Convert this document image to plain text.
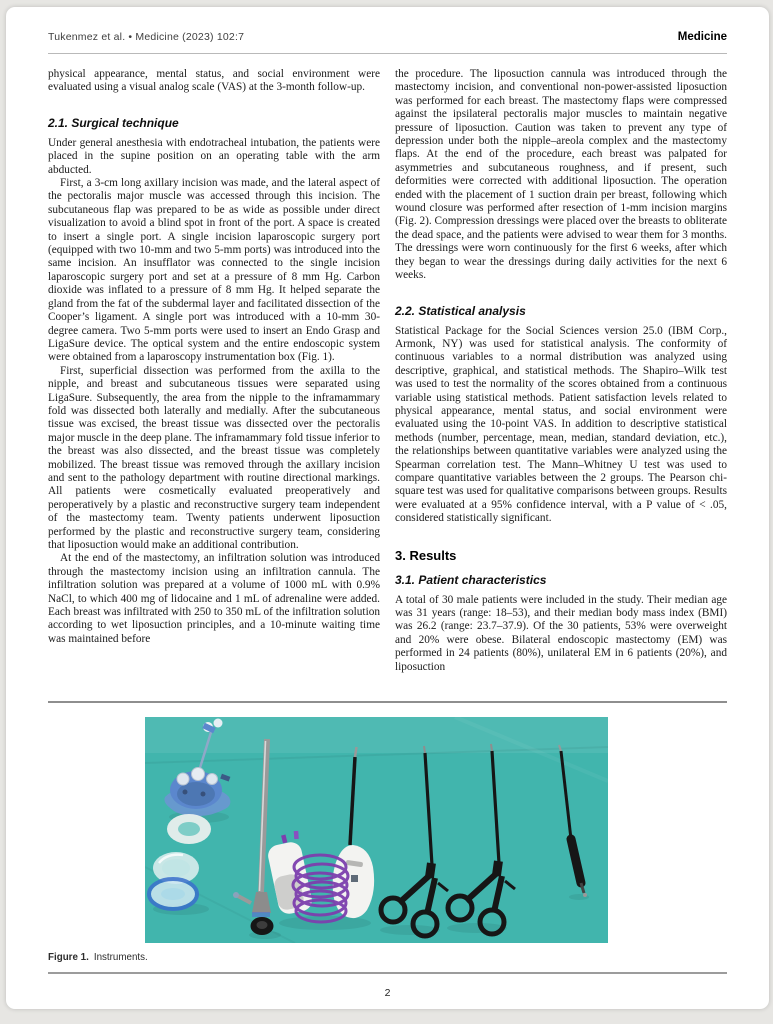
Tukenmez et al. • Medicine (2023) 102:7	Medicine

physical appearance, mental status, and social environment were evaluated using a visual analog scale (VAS) at the 3-month follow-up.

2.1. Surgical technique

Under general anesthesia with endotracheal intubation, the patients were placed in the supine position on an operating table with the arm abducted.

First, a 3-cm long axillary incision was made, and the lateral aspect of the pectoralis major muscle was accessed through this incision. The subcutaneous flap was prepared to be as wide as possible under direct visualization to avoid a blind spot in front of the port. A space is created to insert a single port. A single incision laparoscopic surgery port (equipped with two 10-mm and two 5-mm ports) was introduced into the same incision. An insufflator was connected to the single incision laparoscopic surgery port and set at a pressure of 8 mm Hg. Carbon dioxide was inflated to a pressure of 8 mm Hg. It helped separate the gland from the fat of the subdermal layer and facilitated dissection of the Cooper’s ligament. A single port was introduced with a 10-mm 30-degree camera. Two 5-mm ports were used to insert an Endo Grasp and LigaSure device. The optical system and the entire endoscopic system were obtained from a laparoscopy instrumentation box (Fig. 1).

First, superficial dissection was performed from the axilla to the nipple, and breast and subcutaneous tissues were separated using LigaSure. Subsequently, the area from the nipple to the inframammary fold was dissected both laterally and medially. After the subcutaneous tissue was excised, the breast tissue was dissected over the pectoralis major muscle in the deep plane. The inframammary fold tissue inferior to the breast was also dissected, and the breast tissue was completely mobilized. The breast tissue was removed through the axillary incision and sent to the pathology department with routine directional markings. All patients were cosmetically evaluated preoperatively and peroperatively by a plastic and reconstructive surgery team independent of the mastectomy team. Twenty patients underwent liposuction performed by the plastic and reconstructive surgery team, considering that liposuction would make an additional contribution.

At the end of the mastectomy, an infiltration solution was introduced through the mastectomy incision using an infiltration cannula. The infiltration solution was prepared at a volume of 1000 mL with 0.9% NaCl, to which 400 mg of lidocaine and 1 mL of adrenaline were added. Each breast was infiltrated with 250 to 350 mL of the infiltration solution according to wet liposuction principles, and a 10-minute waiting time was maintained before

the procedure. The liposuction cannula was introduced through the mastectomy incision, and conventional non-power-assisted liposuction was performed for each breast. The mastectomy flaps were compressed against the ipsilateral pectoralis major muscles to maintain negative pressure of liposuction. Caution was taken to prevent any type of depression under both the nipple–areola complex and the mastectomy flaps. At the end of the procedure, each breast was palpated for asymmetries and subcutaneous roughness, and if present, such deformities were corrected with additional liposuction. The operation ended with the placement of 1 suction drain per breast, following which wound closure was performed after resection of 1-mm incision margins (Fig. 2). Compression dressings were placed over the breasts to obliterate the dead space, and the patients were advised to wear them for 3 months. The dressings were worn continuously for the first 6 weeks, after which they began to wear the dressings during daily activities for the next 6 weeks.

2.2. Statistical analysis

Statistical Package for the Social Sciences version 25.0 (IBM Corp., Armonk, NY) was used for statistical analysis. The conformity of continuous variables to a normal distribution was analyzed using descriptive, graphical, and statistical methods. The Shapiro–Wilk test was used to test the normality of the scores obtained from a continuous variable using statistical methods. Patient satisfaction levels related to physical appearance, mental status, and social environment were evaluated using the 10-point VAS. In addition to descriptive statistical methods (number, percentage, mean, median, standard deviation, etc.), the relationships between quantitative variables were analyzed using the Spearman correlation test. The Mann–Whitney U test was used to compare quantitative variables between the 2 groups. The Pearson chi-square test was used for qualitative comparisons between groups. Results were evaluated at a 95% confidence interval, with a P value of < .05, considered statistically significant.

3. Results
3.1. Patient characteristics

A total of 30 male patients were included in the study. Their median age was 31 years (range: 18–53), and their median body mass index (BMI) was 26.2 (range: 23.7–37.9). Of the 30 patients, 53% were overweight and 20% were obese. Bilateral endoscopic mastectomy (EM) was performed in 24 patients (80%), unilateral EM in 6 patients (20%), and liposuction

Figure 1. Instruments.
2
